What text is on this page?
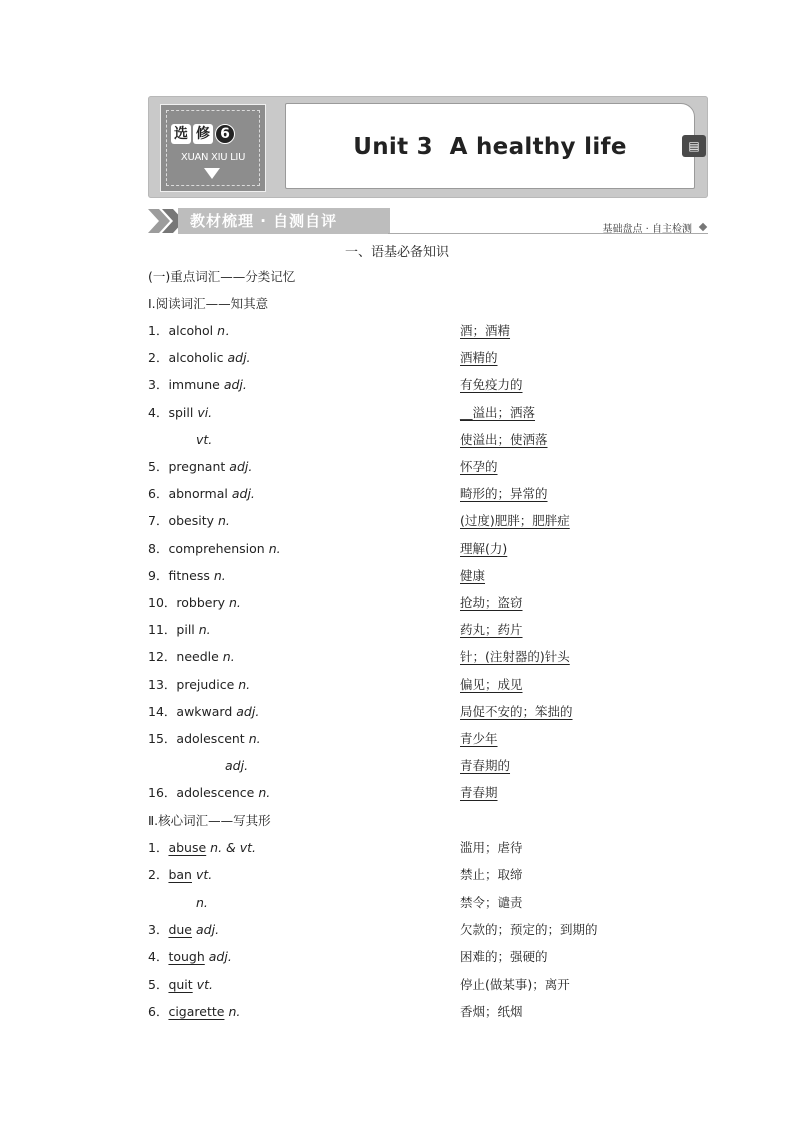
选 修 6
XUAN XIU LIU	Unit 3  A healthy life	▤
教材梳理 · 自测自评	基础盘点 · 自主检测
一、语基必备知识
(一)重点词汇——分类记忆
Ⅰ.阅读词汇——知其意
1．alcohol n．	酒；酒精
2．alcoholic adj.	酒精的
3．immune adj.	有免疫力的
4．spill vi.	__溢出；洒落
vt.	使溢出；使洒落
5．pregnant adj.	怀孕的
6．abnormal adj.	畸形的；异常的
7．obesity n.	(过度)肥胖；肥胖症
8．comprehension n.	理解(力)
9．fitness n.	健康
10．robbery n.	抢劫；盗窃
11．pill n.	药丸；药片
12．needle n.	针；(注射器的)针头
13．prejudice n.	偏见；成见
14．awkward adj.	局促不安的；笨拙的
15．adolescent n.	青少年
adj.	青春期的
16．adolescence n.	青春期
Ⅱ.核心词汇——写其形
1．abuse n. & vt.	滥用；虐待
2．ban vt.	禁止；取缔
n.	禁令；谴责
3．due adj.	欠款的；预定的；到期的
4．tough adj.	困难的；强硬的
5．quit vt.	停止(做某事)；离开
6．cigarette n.	香烟；纸烟
